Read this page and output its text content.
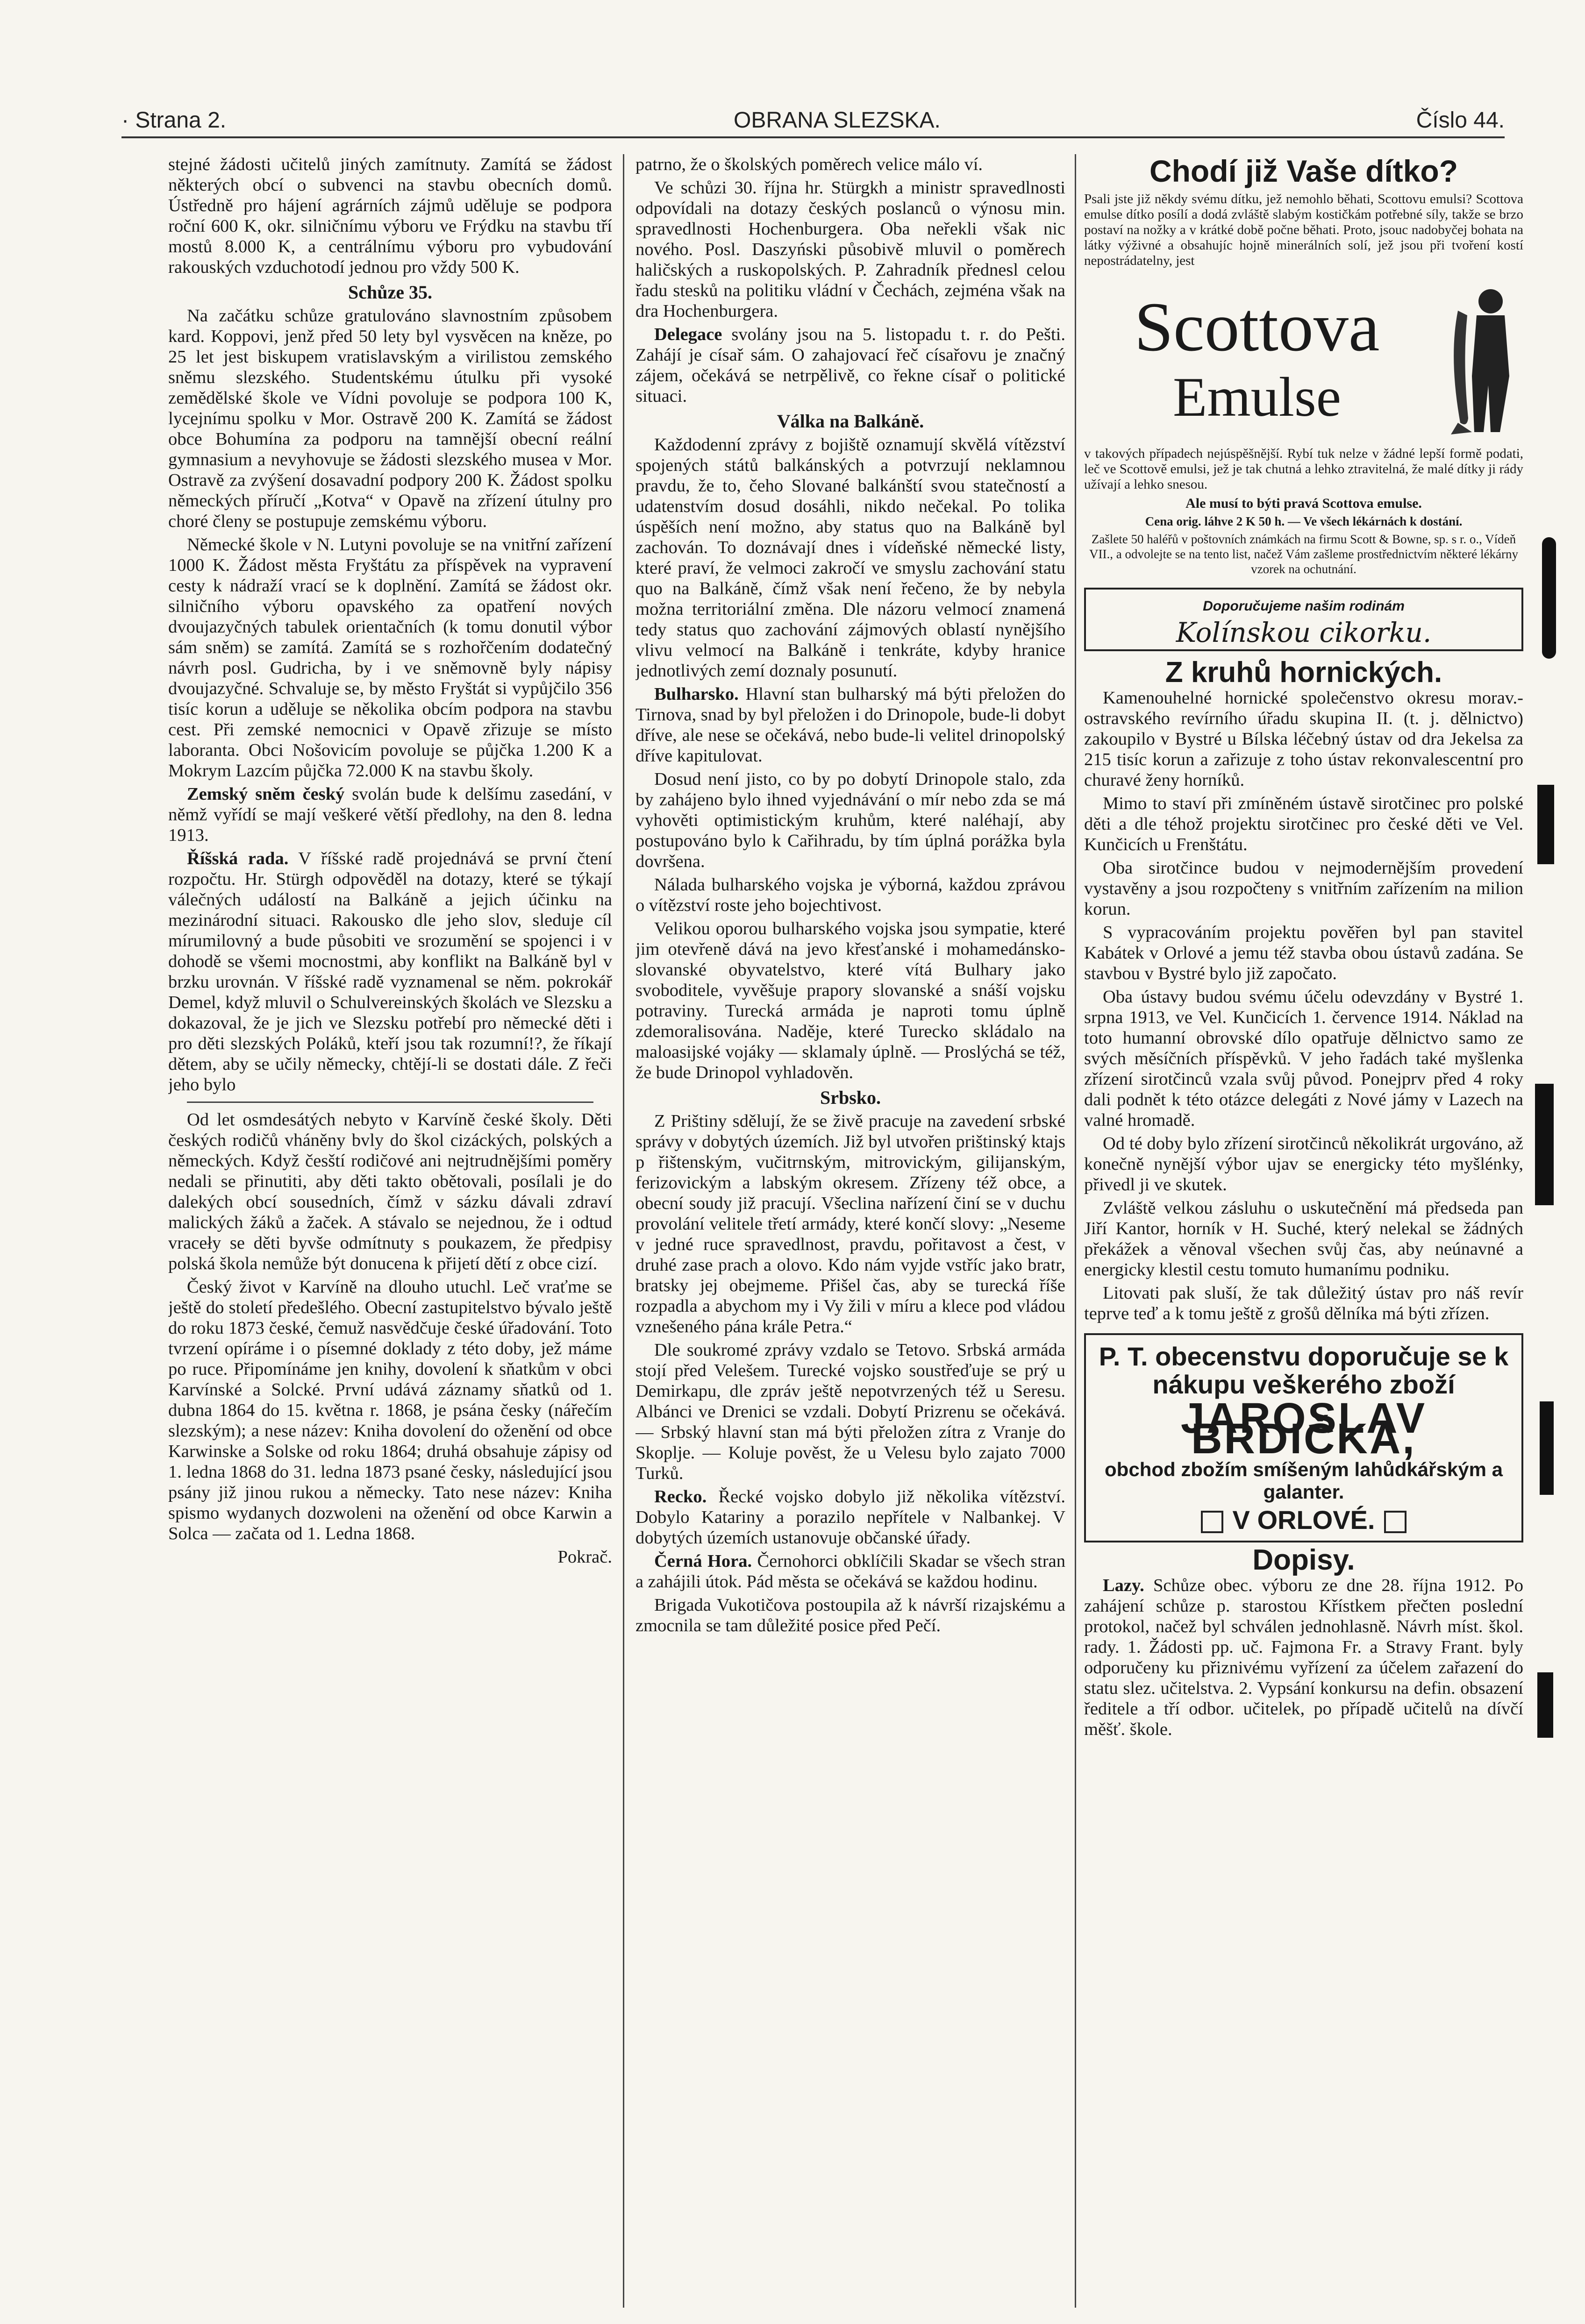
· Strana 2.	OBRANA SLEZSKA.	Číslo 44.

stejné žádosti učitelů jiných zamítnuty. Zamítá se žádost některých obcí o subvenci na stavbu obecních domů. Ústředně pro hájení agrárních zájmů uděluje se podpora roční 600 K, okr. silničnímu výboru ve Frýdku na stavbu tří mostů 8.000 K, a centrálnímu výboru pro vybudování rakouských vzduchotodí jednou pro vždy 500 K.

Schůze 35.

Na začátku schůze gratulováno slavnostním způsobem kard. Koppovi, jenž před 50 lety byl vysvěcen na kněze, po 25 let jest biskupem vratislavským a virilistou zemského sněmu slezského. Studentskému útulku při vysoké zemědělské škole ve Vídni povoluje se podpora 100 K, lycejnímu spolku v Mor. Ostravě 200 K. Zamítá se žádost obce Bohumína za podporu na tamnější obecní reální gymnasium a nevyhovuje se žádosti slezského musea v Mor. Ostravě za zvýšení dosavadní podpory 200 K. Žádost spolku německých příručí „Kotva“ v Opavě na zřízení útulny pro choré členy se postupuje zemskému výboru.

Německé škole v N. Lutyni povoluje se na vnitřní zařízení 1000 K. Žádost města Fryštátu za příspěvek na vypravení cesty k nádraží vrací se k doplnění. Zamítá se žádost okr. silničního výboru opavského za opatření nových dvoujazyčných tabulek orientačních (k tomu donutil výbor sám sněm) se zamítá. Zamítá se s rozhořčením dodatečný návrh posl. Gudricha, by i ve sněmovně byly nápisy dvoujazyčné. Schvaluje se, by město Fryštát si vypůjčilo 356 tisíc korun a uděluje se několika obcím podpora na stavbu cest. Při zemské nemocnici v Opavě zřizuje se místo laboranta. Obci Nošovicím povoluje se půjčka 1.200 K a Mokrym Lazcím půjčka 72.000 K na stavbu školy.

Zemský sněm český svolán bude k delšímu zasedání, v němž vyřídí se mají veškeré větší předlohy, na den 8. ledna 1913.

Říšská rada. V říšské radě projednává se první čtení rozpočtu. Hr. Stürgh odpověděl na dotazy, které se týkají válečných událostí na Balkáně a jejich účinku na mezinárodní situaci. Rakousko dle jeho slov, sleduje cíl mírumilovný a bude působiti ve srozumění se spojenci i v dohodě se všemi mocnostmi, aby konflikt na Balkáně byl v brzku urovnán. V říšské radě vyznamenal se něm. pokrokář Demel, když mluvil o Schulvereinských školách ve Slezsku a dokazoval, že je jich ve Slezsku potřebí pro německé děti i pro děti slezských Poláků, kteří jsou tak rozumní!?, že říkají dětem, aby se učily německy, chtějí-li se dostati dále. Z řeči jeho bylo

Od let osmdesátých nebyto v Karvíně české školy. Děti českých rodičů vháněny bvly do škol cizáckých, polských a německých. Když česští rodičové ani nejtrudnějšími poměry nedali se přinutiti, aby děti takto obětovali, posílali je do dalekých obcí sousedních, čímž v sázku dávali zdraví malických žáků a žaček. A stávalo se nejednou, že i odtud vraceły se děti byvše odmítnuty s poukazem, že předpisy polská škola nemůže být donucena k přijetí dětí z obce cizí.

Český život v Karvíně na dlouho utuchl. Leč vraťme se ještě do století předešlého. Obecní zastupitelstvo bývalo ještě do roku 1873 české, čemuž nasvědčuje české úřadování. Toto tvrzení opíráme i o písemné doklady z této doby, jež máme po ruce. Připomínáme jen knihy, dovolení k sňatkům v obci Karvínské a Solcké. První udává záznamy sňatků od 1. dubna 1864 do 15. května r. 1868, je psána česky (nářečím slezským); a nese název: Kniha dovolení do oženění od obce Karwinske a Solske od roku 1864; druhá obsahuje zápisy od 1. ledna 1868 do 31. ledna 1873 psané česky, následující jsou psány již jinou rukou a německy. Tato nese název: Kniha spismo wydanych dozwoleni na oženění od obce Karwin a Solca — začata od 1. Ledna 1868.

Pokrač.

patrno, že o školských poměrech velice málo ví.

Ve schůzi 30. října hr. Stürgkh a ministr spravedlnosti odpovídali na dotazy českých poslanců o výnosu min. spravedlnosti Hochenburgera. Oba neřekli však nic nového. Posl. Daszyński působivě mluvil o poměrech haličských a ruskopolských. P. Zahradník přednesl celou řadu stesků na politiku vládní v Čechách, zejména však na dra Hochenburgera.

Delegace svolány jsou na 5. listopadu t. r. do Pešti. Zahájí je císař sám. O zahajovací řeč císařovu je značný zájem, očekává se netrpělivě, co řekne císař o politické situaci.

Válka na Balkáně.

Každodenní zprávy z bojiště oznamují skvělá vítězství spojených států balkánských a potvrzují neklamnou pravdu, že to, čeho Slované balkánští svou statečností a udatenstvím dosud dosáhli, nikdo nečekal. Po tolika úspěších není možno, aby status quo na Balkáně byl zachován. To doznávají dnes i vídeňské německé listy, které praví, že velmoci zakročí ve smyslu zachování statu quo na Balkáně, čímž však není řečeno, že by nebyla možna territoriální změna. Dle názoru velmocí znamená tedy status quo zachování zájmových oblastí nynějšího vlivu velmocí na Balkáně i tenkráte, kdyby hranice jednotlivých zemí doznaly posunutí.

Bulharsko. Hlavní stan bulharský má býti přeložen do Tirnova, snad by byl přeložen i do Drinopole, bude-li dobyt dříve, ale nese se očekává, nebo bude-li velitel drinopolský dříve kapitulovat.

Dosud není jisto, co by po dobytí Drinopole stalo, zda by zahájeno bylo ihned vyjednávání o mír nebo zda se má vyhověti optimistickým kruhům, které naléhají, aby postupováno bylo k Cařihradu, by tím úplná porážka byla dovršena.

Nálada bulharského vojska je výborná, každou zprávou o vítězství roste jeho bojechtivost.

Velikou oporou bulharského vojska jsou sympatie, které jim otevřeně dává na jevo křesťanské i mohamedánsko-slovanské obyvatelstvo, které vítá Bulhary jako svoboditele, vyvěšuje prapory slovanské a snáší vojsku potraviny. Turecká armáda je naproti tomu úplně zdemoralisována. Naděje, které Turecko skládalo na maloasijské vojáky — sklamaly úplně. — Proslýchá se též, že bude Drinopol vyhladověn.

Srbsko.

Z Prištiny sdělují, že se živě pracuje na zavedení srbské správy v dobytých územích. Již byl utvořen prištinský ktajs p řištenským, vučitrnským, mitrovickým, gilijanským, ferizovickým a labským okresem. Zřízeny též obce, a obecní soudy již pracují. Všeclina nařízení činí se v duchu provolání velitele třetí armády, které končí slovy: „Neseme v jedné ruce spravedlnost, pravdu, pořitavost a čest, v druhé zase prach a olovo. Kdo nám vyjde vstříc jako bratr, bratsky jej obejmeme. Přišel čas, aby se turecká říše rozpadla a abychom my i Vy žili v míru a klece pod vládou vznešeného pána krále Petra.“

Dle soukromé zprávy vzdalo se Tetovo. Srbská armáda stojí před Velešem. Turecké vojsko soustřeďuje se prý u Demirkapu, dle zpráv ještě nepotvrzených též u Seresu. Albánci ve Drenici se vzdali. Dobytí Prizrenu se očekává. — Srbský hlavní stan má býti přeložen zítra z Vranje do Skoplje. — Koluje pověst, že u Velesu bylo zajato 7000 Turků.

Recko. Řecké vojsko dobylo již několika vítězství. Dobylo Katariny a porazilo nepřítele v Nalbankej. V dobytých územích ustanovuje občanské úřady.

Černá Hora. Černohorci obklíčili Skadar se všech stran a zahájili útok. Pád města se očekává se každou hodinu.

Brigada Vukotičova postoupila až k návrší rizajskému a zmocnila se tam důležité posice před Pečí.

Chodí již Vaše dítko?
Psali jste již někdy svému dítku, jež nemohlo běhati, Scottovu emulsi? Scottova emulse dítko posílí a dodá zvláště slabým kostičkám potřebné síly, takže se brzo postaví na nožky a v krátké době počne běhati. Proto, jsouc nadobyčej bohata na látky výživné a obsahujíc hojně minerálních solí, jež jsou při tvoření kostí nepostrádatelny, jest
Scottova
Emulse
v takových případech nejúspěšnější. Rybí tuk nelze v žádné lepší formě podati, leč ve Scottově emulsi, jež je tak chutná a lehko ztravitelná, že malé dítky ji rády užívají a lehko snesou.
Ale musí to býti pravá Scottova emulse.
Cena orig. láhve 2 K 50 h. — Ve všech lékárnách k dostání.
Zašlete 50 haléřů v poštovních známkách na firmu Scott & Bowne, sp. s r. o., Vídeň VII., a odvolejte se na tento list, načež Vám zašleme prostřednictvím některé lékárny vzorek na ochutnání.
Doporučujeme našim rodinám
Kolínskou cikorku.
Z kruhů hornických.

Kamenouhelné hornické společenstvo okresu morav.-ostravského revírního úřadu skupina II. (t. j. dělnictvo) zakoupilo v Bystré u Bílska léčebný ústav od dra Jekelsa za 215 tisíc korun a zařizuje z toho ústav rekonvalescentní pro churavé ženy horníků.

Mimo to staví při zmíněném ústavě sirotčinec pro polské děti a dle téhož projektu sirotčinec pro české děti ve Vel. Kunčicích u Frenštátu.

Oba sirotčince budou v nejmodernějším provedení vystavěny a jsou rozpočteny s vnitřním zařízením na milion korun.

S vypracováním projektu pověřen byl pan stavitel Kabátek v Orlové a jemu též stavba obou ústavů zadána. Se stavbou v Bystré bylo již započato.

Oba ústavy budou svému účelu odevzdány v Bystré 1. srpna 1913, ve Vel. Kunčicích 1. července 1914. Náklad na toto humanní obrovské dílo opatřuje dělnictvo samo ze svých měsíčních příspěvků. V jeho řadách také myšlenka zřízení sirotčinců vzala svůj původ. Ponejprv před 4 roky dali podnět k této otázce delegáti z Nové jámy v Lazech na valné hromadě.

Od té doby bylo zřízení sirotčinců několikrát urgováno, až konečně nynější výbor ujav se energicky této myšlénky, přivedl ji ve skutek.

Zvláště velkou zásluhu o uskutečnění má předseda pan Jiří Kantor, horník v H. Suché, který nelekal se žádných překážek a věnoval všechen svůj čas, aby neúnavné a energicky klestil cestu tomuto humanímu podniku.

Litovati pak sluší, že tak důležitý ústav pro náš revír teprve teď a k tomu ještě z grošů dělníka má býti zřízen.

P. T. obecenstvu doporučuje se k nákupu veškerého zboží
JAROSLAV BRDIČKA,
obchod zbožím smíšeným lahůdkářským a galanter.
V ORLOVÉ.
Dopisy.

Lazy. Schůze obec. výboru ze dne 28. října 1912. Po zahájení schůze p. starostou Křístkem přečten poslední protokol, načež byl schválen jednohlasně. Návrh míst. škol. rady. 1. Žádosti pp. uč. Fajmona Fr. a Stravy Frant. byly odporučeny ku přiznivému vyřízení za účelem zařazení do statu slez. učitelstva. 2. Vypsání konkursu na defin. obsazení ředitele a tří odbor. učitelek, po případě učitelů na dívčí měšť. škole.
